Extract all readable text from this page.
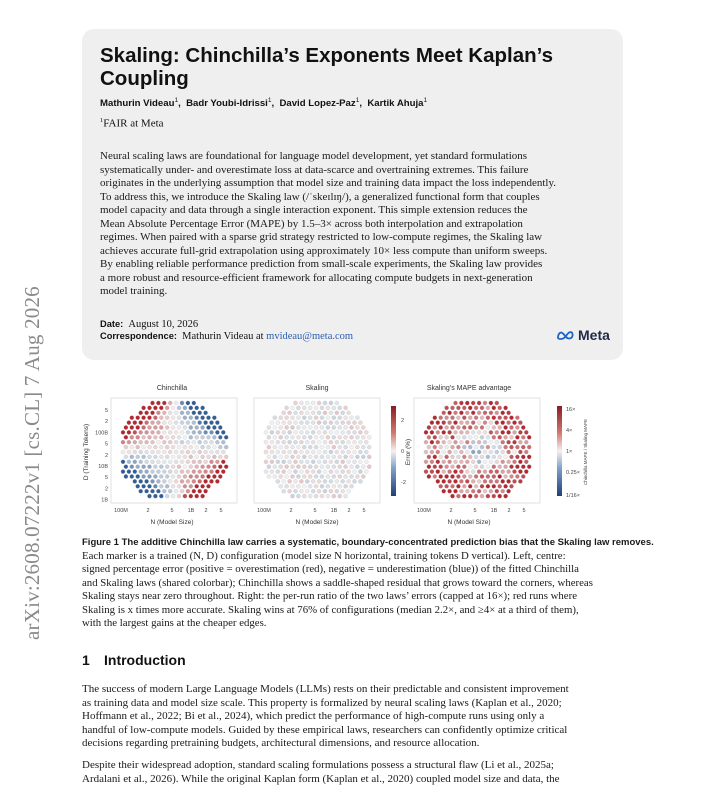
arXiv:2608.07222v1 [cs.CL] 7 Aug 2026
Skaling: Chinchilla’s Exponents Meet Kaplan’s
Coupling
Mathurin Videau$^1$,  Badr Youbi-Idrissi$^1$,  David Lopez-Paz$^1$,  Kartik Ahuja$^1$
$^1$FAIR at Meta
Neural scaling laws are foundational for language model development, yet standard formulations
systematically under- and overestimate loss at data-scarce and overtraining extremes. This failure
originates in the underlying assumption that model size and training data impact the loss independently.
To address this, we introduce the Skaling law (/ˈskeɪlɪŋ/), a generalized functional form that couples
model capacity and data through a single interaction exponent. This simple extension reduces the
Mean Absolute Percentage Error (MAPE) by 1.5–3× across both interpolation and extrapolation
regimes. When paired with a sparse grid strategy restricted to low-compute regimes, the Skaling law
achieves accurate full-grid extrapolation using approximately 10× less compute than uniform sweeps.
By enabling reliable performance prediction from small-scale experiments, the Skaling law provides
a more robust and resource-efficient framework for allocating compute budgets in next-generation
model training.
Date: August 10, 2026
Correspondence: Mathurin Videau at mvideau@meta.com	Meta
Chinchilla	Skaling	Skaling’s MAPE advantage
5
2
100B
5
2
10B
5
2
1B
100M	2	5	1B 2 5	100M	2	5	1B 2 5	100M	2	5	1B 2 5
D (Training Tokens)
N (Model Size)	N (Model Size)	N (Model Size)
2
0
-2
Error (%)
16×
4×
1×
0.25×
1/16×
Chinchilla MAPE / Skaling MAPE
Figure 1 The additive Chinchilla law carries a systematic, boundary-concentrated prediction bias that the Skaling law removes.
Each marker is a trained (N, D) configuration (model size N horizontal, training tokens D vertical). Left, centre:
signed percentage error (positive = overestimation (red), negative = underestimation (blue)) of the fitted Chinchilla
and Skaling laws (shared colorbar); Chinchilla shows a saddle-shaped residual that grows toward the corners, whereas
Skaling stays near zero throughout. Right: the per-run ratio of the two laws’ errors (capped at 16×); red runs where
Skaling is x times more accurate. Skaling wins at 76% of configurations (median 2.2×, and ≥4× at a third of them),
with the largest gains at the cheaper edges.
1 Introduction
The success of modern Large Language Models (LLMs) rests on their predictable and consistent improvement
as training data and model size scale. This property is formalized by neural scaling laws (Kaplan et al., 2020;
Hoffmann et al., 2022; Bi et al., 2024), which predict the performance of high-compute runs using only a
handful of low-compute models. Guided by these empirical laws, researchers can confidently optimize critical
decisions regarding pretraining budgets, architectural dimensions, and resource allocation.
Despite their widespread adoption, standard scaling formulations possess a structural flaw (Li et al., 2025a;
Ardalani et al., 2026). While the original Kaplan form (Kaplan et al., 2020) coupled model size and data, the
